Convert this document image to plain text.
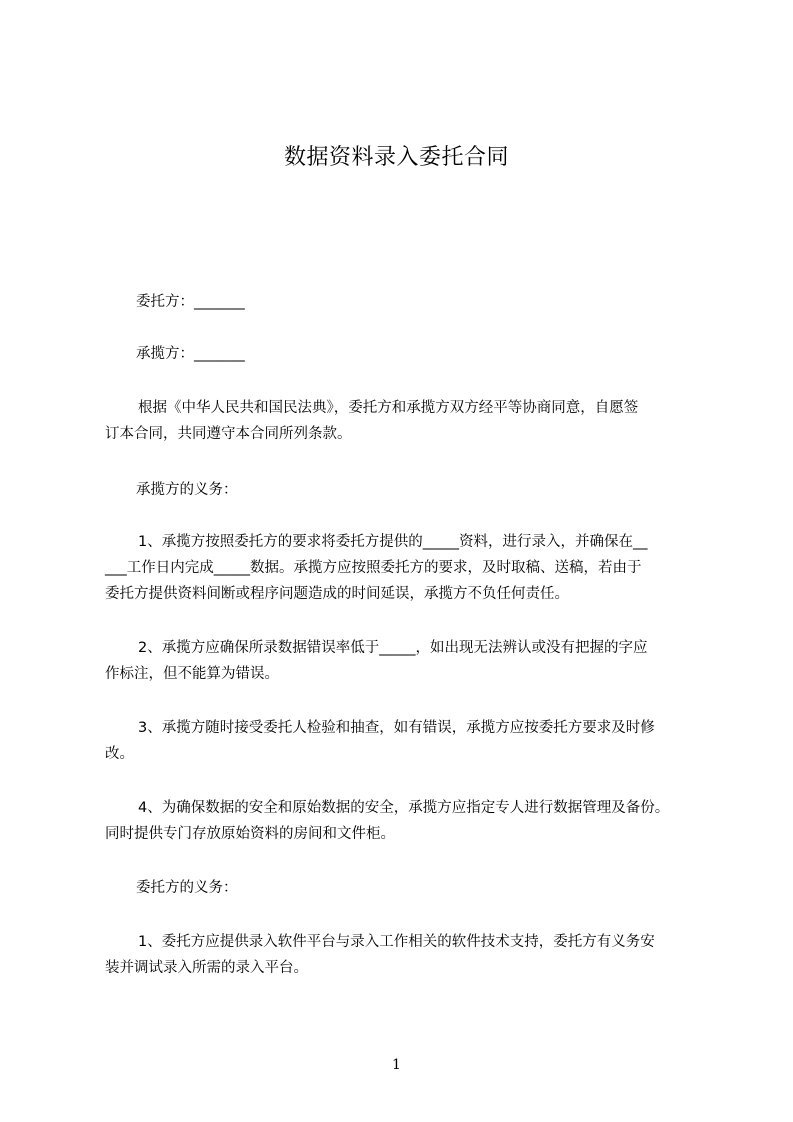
数据资料录入委托合同

委托方：_______

承揽方：_______

根据《中华人民共和国民法典》，委托方和承揽方双方经平等协商同意，自愿签
订本合同，共同遵守本合同所列条款。

承揽方的义务：

1、承揽方按照委托方的要求将委托方提供的_____资料，进行录入，并确保在__
___工作日内完成_____数据。承揽方应按照委托方的要求，及时取稿、送稿，若由于
委托方提供资料间断或程序问题造成的时间延误，承揽方不负任何责任。
2、承揽方应确保所录数据错误率低于_____，如出现无法辨认或没有把握的字应
作标注，但不能算为错误。
3、承揽方随时接受委托人检验和抽查，如有错误，承揽方应按委托方要求及时修
改。
4、为确保数据的安全和原始数据的安全，承揽方应指定专人进行数据管理及备份。
同时提供专门存放原始资料的房间和文件柜。

委托方的义务：

1、委托方应提供录入软件平台与录入工作相关的软件技术支持，委托方有义务安
装并调试录入所需的录入平台。
1
